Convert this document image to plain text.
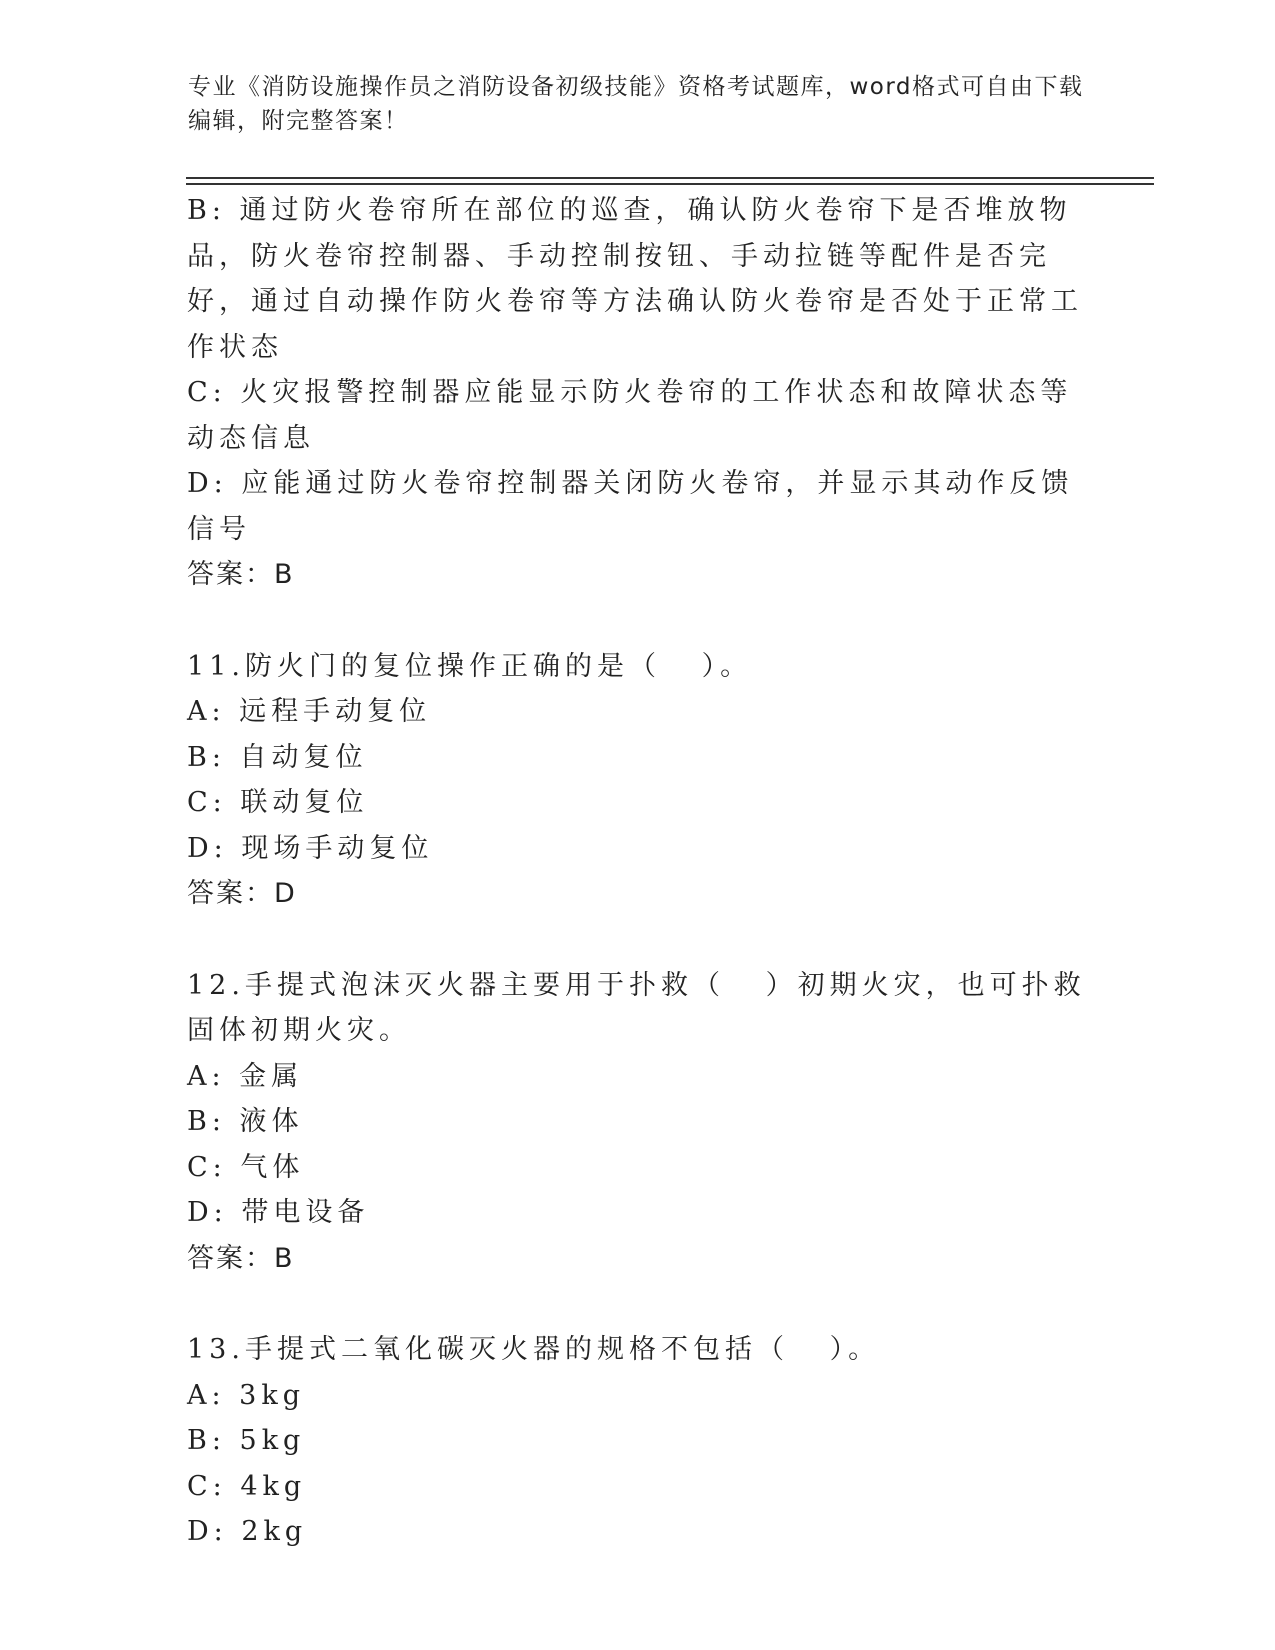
专业《消防设施操作员之消防设备初级技能》资格考试题库，word格式可自由下载编辑，附完整答案！
B: 通过防火卷帘所在部位的巡查，确认防火卷帘下是否堆放物品，防火卷帘控制器、手动控制按钮、手动拉链等配件是否完好，通过自动操作防火卷帘等方法确认防火卷帘是否处于正常工作状态
C: 火灾报警控制器应能显示防火卷帘的工作状态和故障状态等动态信息
D: 应能通过防火卷帘控制器关闭防火卷帘，并显示其动作反馈信号
答案：B
11.防火门的复位操作正确的是（   ）。
A: 远程手动复位
B: 自动复位
C: 联动复位
D: 现场手动复位
答案：D
12.手提式泡沫灭火器主要用于扑救（   ）初期火灾，也可扑救固体初期火灾。
A: 金属
B: 液体
C: 气体
D: 带电设备
答案：B
13.手提式二氧化碳灭火器的规格不包括（   ）。
A: 3kg
B: 5kg
C: 4kg
D: 2kg
